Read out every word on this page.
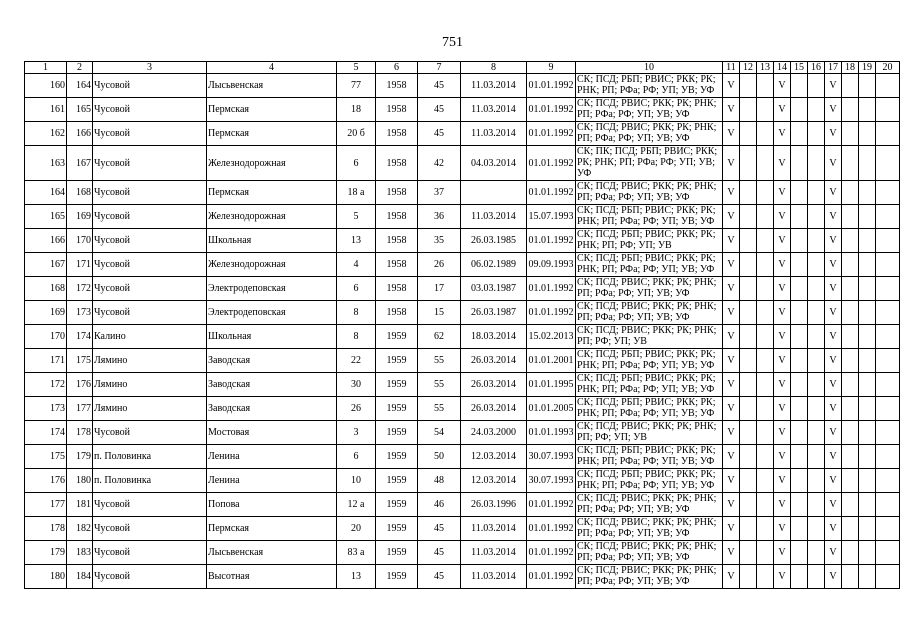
751
1	2	3	4	5	6	7	8	9	10	11	12	13	14	15	16	17	18	19	20
160	164	Чусовой	Лысьвенская	77	1958	45	11.03.2014	01.01.1992	СК; ПСД; РБП; РВИС; РКК; РК; РНК; РП; РФа; РФ; УП; УВ; УФ	V			V			V			
161	165	Чусовой	Пермская	18	1958	45	11.03.2014	01.01.1992	СК; ПСД; РВИС; РКК; РК; РНК; РП; РФа; РФ; УП; УВ; УФ	V			V			V			
162	166	Чусовой	Пермская	20 б	1958	45	11.03.2014	01.01.1992	СК; ПСД; РВИС; РКК; РК; РНК; РП; РФа; РФ; УП; УВ; УФ	V			V			V			
163	167	Чусовой	Железнодорожная	6	1958	42	04.03.2014	01.01.1992	СК; ПК; ПСД; РБП; РВИС; РКК; РК; РНК; РП; РФа; РФ; УП; УВ; УФ	V			V			V			
164	168	Чусовой	Пермская	18 а	1958	37		01.01.1992	СК; ПСД; РВИС; РКК; РК; РНК; РП; РФа; РФ; УП; УВ; УФ	V			V			V			
165	169	Чусовой	Железнодорожная	5	1958	36	11.03.2014	15.07.1993	СК; ПСД; РБП; РВИС; РКК; РК; РНК; РП; РФа; РФ; УП; УВ; УФ	V			V			V			
166	170	Чусовой	Школьная	13	1958	35	26.03.1985	01.01.1992	СК; ПСД; РБП; РВИС; РКК; РК; РНК; РП; РФ; УП; УВ	V			V			V			
167	171	Чусовой	Железнодорожная	4	1958	26	06.02.1989	09.09.1993	СК; ПСД; РБП; РВИС; РКК; РК; РНК; РП; РФа; РФ; УП; УВ; УФ	V			V			V			
168	172	Чусовой	Электродеповская	6	1958	17	03.03.1987	01.01.1992	СК; ПСД; РВИС; РКК; РК; РНК; РП; РФа; РФ; УП; УВ; УФ	V			V			V			
169	173	Чусовой	Электродеповская	8	1958	15	26.03.1987	01.01.1992	СК; ПСД; РВИС; РКК; РК; РНК; РП; РФа; РФ; УП; УВ; УФ	V			V			V			
170	174	Калино	Школьная	8	1959	62	18.03.2014	15.02.2013	СК; ПСД; РВИС; РКК; РК; РНК; РП; РФ; УП; УВ	V			V			V			
171	175	Лямино	Заводская	22	1959	55	26.03.2014	01.01.2001	СК; ПСД; РБП; РВИС; РКК; РК; РНК; РП; РФа; РФ; УП; УВ; УФ	V			V			V			
172	176	Лямино	Заводская	30	1959	55	26.03.2014	01.01.1995	СК; ПСД; РБП; РВИС; РКК; РК; РНК; РП; РФа; РФ; УП; УВ; УФ	V			V			V			
173	177	Лямино	Заводская	26	1959	55	26.03.2014	01.01.2005	СК; ПСД; РБП; РВИС; РКК; РК; РНК; РП; РФа; РФ; УП; УВ; УФ	V			V			V			
174	178	Чусовой	Мостовая	3	1959	54	24.03.2000	01.01.1993	СК; ПСД; РВИС; РКК; РК; РНК; РП; РФ; УП; УВ	V			V			V			
175	179	п. Половинка	Ленина	6	1959	50	12.03.2014	30.07.1993	СК; ПСД; РБП; РВИС; РКК; РК; РНК; РП; РФа; РФ; УП; УВ; УФ	V			V			V			
176	180	п. Половинка	Ленина	10	1959	48	12.03.2014	30.07.1993	СК; ПСД; РБП; РВИС; РКК; РК; РНК; РП; РФа; РФ; УП; УВ; УФ	V			V			V			
177	181	Чусовой	Попова	12 а	1959	46	26.03.1996	01.01.1992	СК; ПСД; РВИС; РКК; РК; РНК; РП; РФа; РФ; УП; УВ; УФ	V			V			V			
178	182	Чусовой	Пермская	20	1959	45	11.03.2014	01.01.1992	СК; ПСД; РВИС; РКК; РК; РНК; РП; РФа; РФ; УП; УВ; УФ	V			V			V			
179	183	Чусовой	Лысьвенская	83 а	1959	45	11.03.2014	01.01.1992	СК; ПСД; РВИС; РКК; РК; РНК; РП; РФа; РФ; УП; УВ; УФ	V			V			V			
180	184	Чусовой	Высотная	13	1959	45	11.03.2014	01.01.1992	СК; ПСД; РВИС; РКК; РК; РНК; РП; РФа; РФ; УП; УВ; УФ	V			V			V			
